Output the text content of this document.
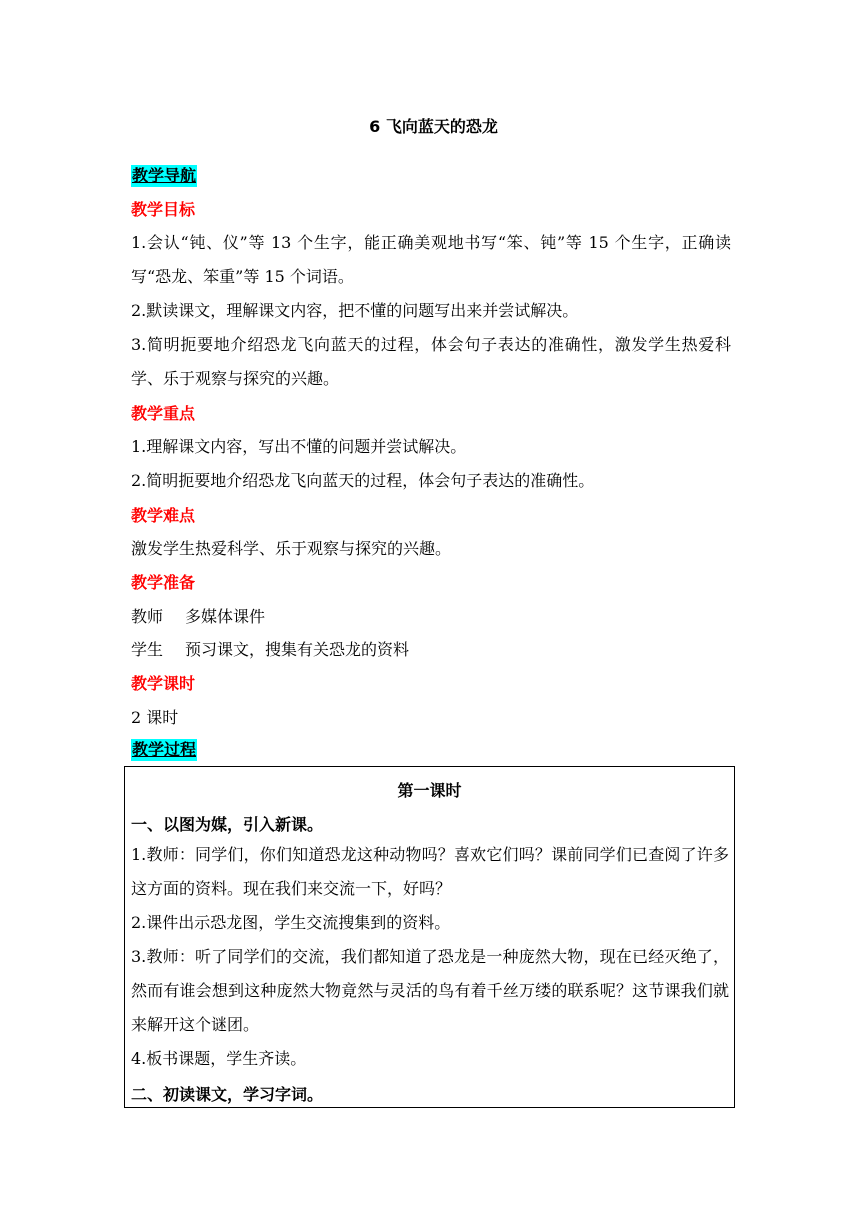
6 飞向蓝天的恐龙
教学导航
教学目标
1.会认“钝、仪”等 13 个生字，能正确美观地书写“笨、钝”等 15 个生字，正确读写“恐龙、笨重”等 15 个词语。
2.默读课文，理解课文内容，把不懂的问题写出来并尝试解决。
3.简明扼要地介绍恐龙飞向蓝天的过程，体会句子表达的准确性，激发学生热爱科学、乐于观察与探究的兴趣。
教学重点
1.理解课文内容，写出不懂的问题并尝试解决。
2.简明扼要地介绍恐龙飞向蓝天的过程，体会句子表达的准确性。
教学难点
激发学生热爱科学、乐于观察与探究的兴趣。
教学准备
教师 多媒体课件
学生 预习课文，搜集有关恐龙的资料
教学课时
2 课时
教学过程
第一课时
一、以图为媒，引入新课。
1.教师：同学们，你们知道恐龙这种动物吗？喜欢它们吗？课前同学们已查阅了许多这方面的资料。现在我们来交流一下，好吗？
2.课件出示恐龙图，学生交流搜集到的资料。
3.教师：听了同学们的交流，我们都知道了恐龙是一种庞然大物，现在已经灭绝了，然而有谁会想到这种庞然大物竟然与灵活的鸟有着千丝万缕的联系呢？这节课我们就来解开这个谜团。
4.板书课题，学生齐读。
二、初读课文，学习字词。
